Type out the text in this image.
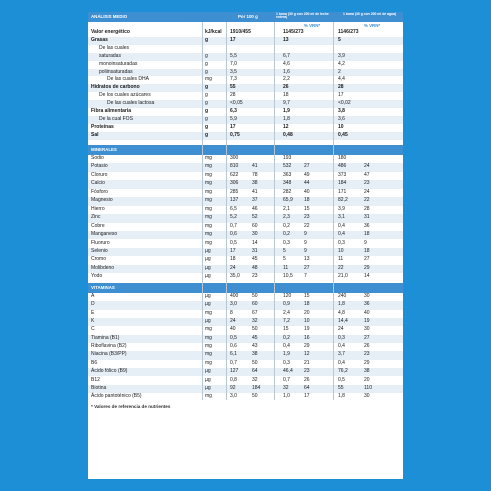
ANÁLISIS MEDIO	Por 100 g
1 toma (30 g con 200 ml de leche entera)
1 toma (30 g con 200 ml de agua)
% VRN*	% VRN*
Valor energético	kJ/kcal 1910/455	1145/273	1146/273
Grasas	g	17	13	5
De las cuales
saturadas	g	5,5	6,7	3,9
monoinsaturadas	g	7,0	4,6	4,2
poliinsaturadas	g	3,5	1,6	2
De las cuales DHA	mg	7,3	2,2	4,4
Hidratos de carbono	g	55	26	28
De los cuales azúcares	g	28	18	17
De las cuales lactosa	g	<0,05	9,7	<0,02
Fibra alimentaria	g	6,3	1,9	3,8
De la cual FOS	g	5,9	1,8	3,6
Proteínas	g	17	12	10
Sal	g	0,75	0,48	0,45
MINERALES
Sodio	mg	300	193	180
Potasio	mg	810	41	532	27	486	24
Cloruro	mg	622	78	363	49	373	47
Calcio	mg	306	38	348	44	184	23
Fósforo	mg	285	41	282	40	171	24
Magnesio	mg	137	37	65,9 18	82,2	22
Hierro	mg	6,5	46	2,1	15	3,9	28
Zinc	mg	5,2	52	2,3	23	3,1	31
Cobre	mg	0,7	60	0,2	22	0,4	36
Manganeso	mg	0,6	30	0,2	9	0,4	18
Fluoruro	mg	0,5	14	0,3	9	0,3	9
Selenio	µg	17	31	5	9	10	18
Cromo	µg	18	45	5	13	11	27
Molibdeno	µg	24	48	11	27	22	29
Yodo	µg	35,0 23	10,5 7	21,0	14
VITAMINAS
A	µg	400	50	120	15	240	30
D	µg	3,0	60	0,9	18	1,8	36
E	mg	8	67	2,4	20	4,8	40
K	µg	24	32	7,2	10	14,4	19
C	mg	40	50	15	19	24	30
Tiamina (B1)	mg	0,5	45	0,2	16	0,3	27
Riboflavina (B2)	mg	0,6	43	0,4	29	0,4	26
Niacina (B3/PP)	mg	6,1	38	1,9	12	3,7	23
B6	mg	0,7	50	0,3	21	0,4	29
Ácido fólico (B9)	µg	127	64	46,4 23	76,2	38
B12	µg	0,8	32	0,7	26	0,5	20
Biotina	µg	92	184	32	64	55	110
Ácido pantoténico (B5)	mg	3,0	50	1,0	17	1,8	30
* Valores de referencia de nutrientes
INGREDIENTES:

Maltodextrina, sacarosa, proteínas de suero de leche, aceites vegetales (palma, palmiste, canola, girasol, girasol alto oleico), fructooligosacáridos, cacao en polvo, minerales (cloruro de potasio, fosfato de sodio, citrato de sodio, cloruro de calcio, citrato de magnesio, fosfato de calcio, citrato de potasio, hidróxido de magnesio, fosfato de potasio, hidróxido de calcio, sulfato de hierro, sulfato de zinc, sulfato de manganeso, sulfato de cobre, yoduro de potasio, selenito de sodio), emulgente: lecitina de soja, aromas, vitaminas (C, niacina, E, pantotenato de calcio, B6, B2, B1, A, ácido fólico, biotina, K, D, B12), aceite de pescado, antioxidantes (extracto rico en tocoferoles, palmitato de ascorbilo).
